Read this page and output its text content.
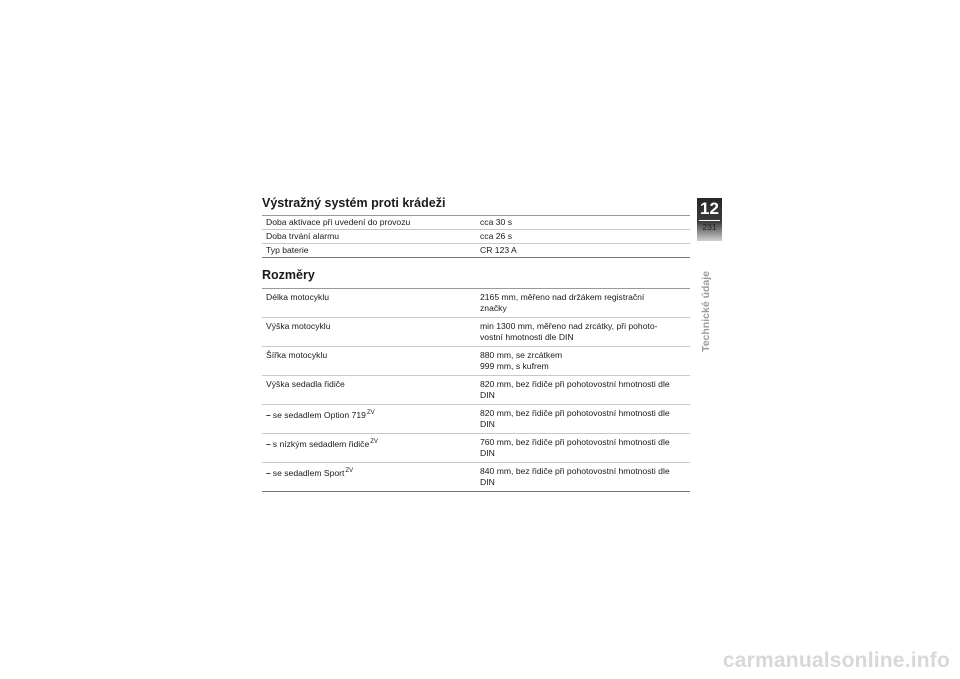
Výstražný systém proti krádeži
Doba aktivace při uvedení do provozu	cca 30 s
Doba trvání alarmu	cca 26 s
Typ baterie	CR 123 A
Rozměry
Délka motocyklu	2165 mm, měřeno nad držákem registrační
značky
Výška motocyklu	min 1300 mm, měřeno nad zrcátky, při pohoto-
vostní hmotnosti dle DIN
Šířka motocyklu	880 mm, se zrcátkem
999 mm, s kufrem
Výška sedadla řidiče	820 mm, bez řidiče při pohotovostní hmotnosti dle
DIN
– se sedadlem Option $719^{ZV}$	820 mm, bez řidiče při pohotovostní hmotnosti dle
DIN
– s nízkým sedadlem řidiče$^{ZV}$	760 mm, bez řidiče při pohotovostní hmotnosti dle
DIN
– se sedadlem Sport$^{ZV}$	840 mm, bez řidiče při pohotovostní hmotnosti dle
DIN
12
231
Technické údaje
carmanualsonline.info
